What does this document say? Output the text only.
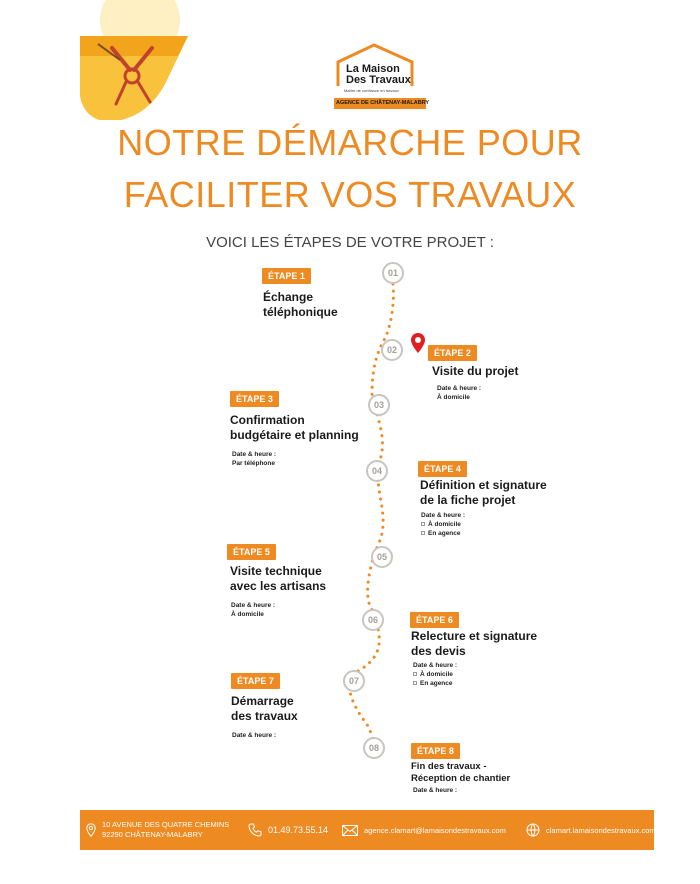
La Maison
Des Travaux
Maître de confiance en travaux
AGENCE DE CHÂTENAY-MALABRY
NOTRE DÉMARCHE POUR
FACILITER VOS TRAVAUX
VOICI LES ÉTAPES DE VOTRE PROJET :
01
02
03
04
05
06
07
08
ÉTAPE 1
Échange
téléphonique
ÉTAPE 2
Visite du projet
Date & heure :
À domicile
ÉTAPE 3
Confirmation
budgétaire et planning
Date & heure :
Par téléphone
ÉTAPE 4
Définition et signature
de la fiche projet
Date & heure :
À domicile
En agence
ÉTAPE 5
Visite technique
avec les artisans
Date & heure :
À domicile
ÉTAPE 6
Relecture et signature
des devis
Date & heure :
À domicile
En agence
ÉTAPE 7
Démarrage
des travaux
Date & heure :
ÉTAPE 8
Fin des travaux -
Réception de chantier
Date & heure :
10 AVENUE DES QUATRE CHEMINS
92290 CHÂTENAY-MALABRY	01.49.73.55.14	agence.clamart@lamaisondestravaux.com	clamart.lamaisondestravaux.com
